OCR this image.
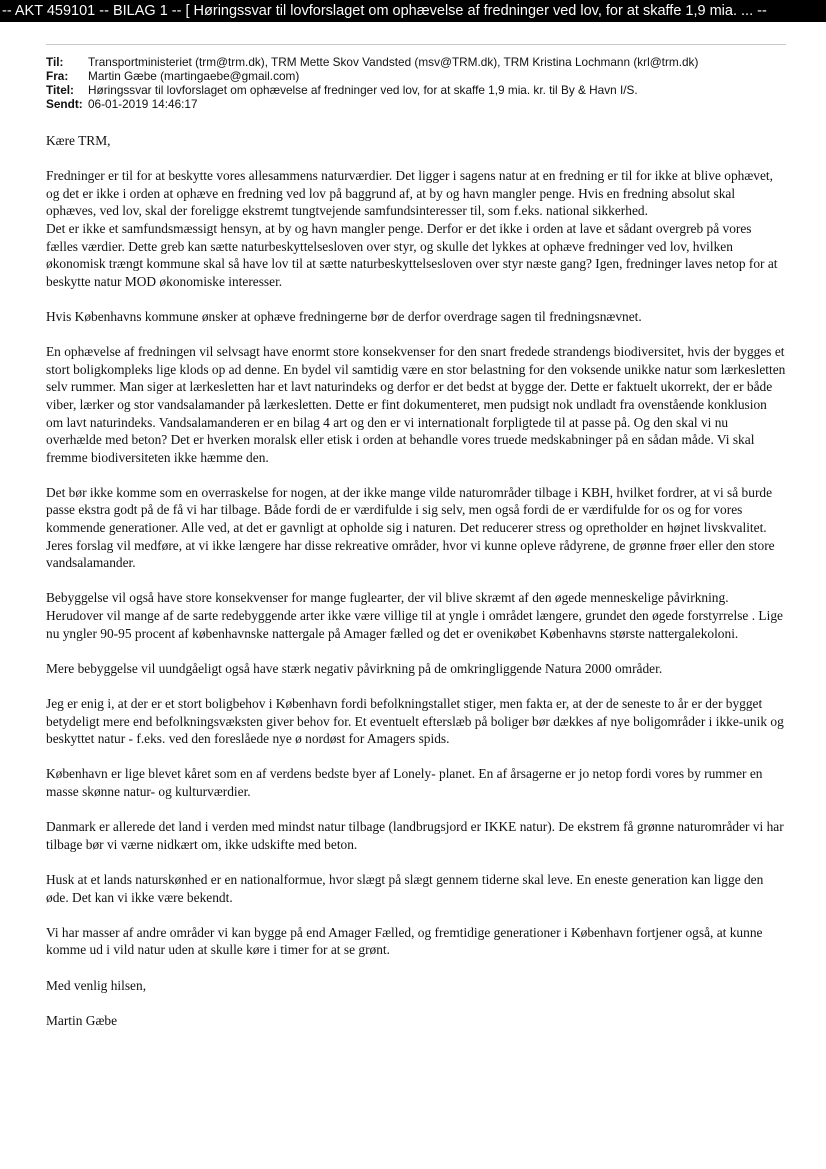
-- AKT 459101 -- BILAG 1 -- [ Høringssvar til lovforslaget om ophævelse af fredninger ved lov, for at skaffe 1,9 mia. ... --
Til:	Transportministeriet (trm@trm.dk), TRM Mette Skov Vandsted (msv@TRM.dk), TRM Kristina Lochmann (krl@trm.dk)
Fra:	Martin Gæbe (martingaebe@gmail.com)
Titel:	Høringssvar til lovforslaget om ophævelse af fredninger ved lov, for at skaffe 1,9 mia. kr. til By & Havn I/S.
Sendt: 06-01-2019 14:46:17

Kære TRM,

Fredninger er til for at beskytte vores allesammens naturværdier. Det ligger i sagens natur at en fredning er til for ikke at blive ophævet, og det er ikke i orden at ophæve en fredning ved lov på baggrund af, at by og havn mangler penge. Hvis en fredning absolut skal ophæves, ved lov, skal der foreligge ekstremt tungtvejende samfundsinteresser til, som f.eks. national sikkerhed.

Det er ikke et samfundsmæssigt hensyn, at by og havn mangler penge. Derfor er det ikke i orden at lave et sådant overgreb på vores fælles værdier. Dette greb kan sætte naturbeskyttelsesloven over styr, og skulle det lykkes at ophæve fredninger ved lov, hvilken økonomisk trængt kommune skal så have lov til at sætte naturbeskyttelsesloven over styr næste gang? Igen, fredninger laves netop for at beskytte natur MOD økonomiske interesser.

Hvis Københavns kommune ønsker at ophæve fredningerne bør de derfor overdrage sagen til fredningsnævnet.

En ophævelse af fredningen vil selvsagt have enormt store konsekvenser for den snart fredede strandengs biodiversitet, hvis der bygges et stort boligkompleks lige klods op ad denne. En bydel vil samtidig være en stor belastning for den voksende unikke natur som lærkesletten selv rummer. Man siger at lærkesletten har et lavt naturindeks og derfor er det bedst at bygge der. Dette er faktuelt ukorrekt, der er både viber, lærker og stor vandsalamander på lærkesletten. Dette er fint dokumenteret, men pudsigt nok undladt fra ovenstående konklusion om lavt naturindeks. Vandsalamanderen er en bilag 4 art og den er vi internationalt forpligtede til at passe på. Og den skal vi nu overhælde med beton? Det er hverken moralsk eller etisk i orden at behandle vores truede medskabninger på en sådan måde. Vi skal fremme biodiversiteten ikke hæmme den.

Det bør ikke komme som en overraskelse for nogen, at der ikke mange vilde naturområder tilbage i KBH, hvilket fordrer, at vi så burde passe ekstra godt på de få vi har tilbage. Både fordi de er værdifulde i sig selv, men også fordi de er værdifulde for os og for vores kommende generationer. Alle ved, at det er gavnligt at opholde sig i naturen. Det reducerer stress og opretholder en højnet livskvalitet. Jeres forslag vil medføre, at vi ikke længere har disse rekreative områder, hvor vi kunne opleve rådyrene, de grønne frøer eller den store vandsalamander.

Bebyggelse vil også have store konsekvenser for mange fuglearter, der vil blive skræmt af den øgede menneskelige påvirkning. Herudover vil mange af de sarte redebyggende arter ikke være villige til at yngle i området længere, grundet den øgede forstyrrelse . Lige nu yngler 90-95 procent af københavnske nattergale på Amager fælled og det er ovenikøbet Københavns største nattergalekoloni.

Mere bebyggelse vil uundgåeligt også have stærk negativ påvirkning på de omkringliggende Natura 2000 områder.

Jeg er enig i, at der er et stort boligbehov i København fordi befolkningstallet stiger, men fakta er, at der de seneste to år er der bygget betydeligt mere end befolkningsvæksten giver behov for. Et eventuelt efterslæb på boliger bør dækkes af nye boligområder i ikke-unik og beskyttet natur - f.eks. ved den foreslåede nye ø nordøst for Amagers spids.

København er lige blevet kåret som en af verdens bedste byer af Lonely- planet. En af årsagerne er jo netop fordi vores by rummer en masse skønne natur- og kulturværdier.

Danmark er allerede det land i verden med mindst natur tilbage (landbrugsjord er IKKE natur). De ekstrem få grønne naturområder vi har tilbage bør vi værne nidkært om, ikke udskifte med beton.

Husk at et lands naturskønhed er en nationalformue, hvor slægt på slægt gennem tiderne skal leve. En eneste generation kan ligge den øde. Det kan vi ikke være bekendt.

Vi har masser af andre områder vi kan bygge på end Amager Fælled, og fremtidige generationer i København fortjener også, at kunne komme ud i vild natur uden at skulle køre i timer for at se grønt.

Med venlig hilsen,

Martin Gæbe
